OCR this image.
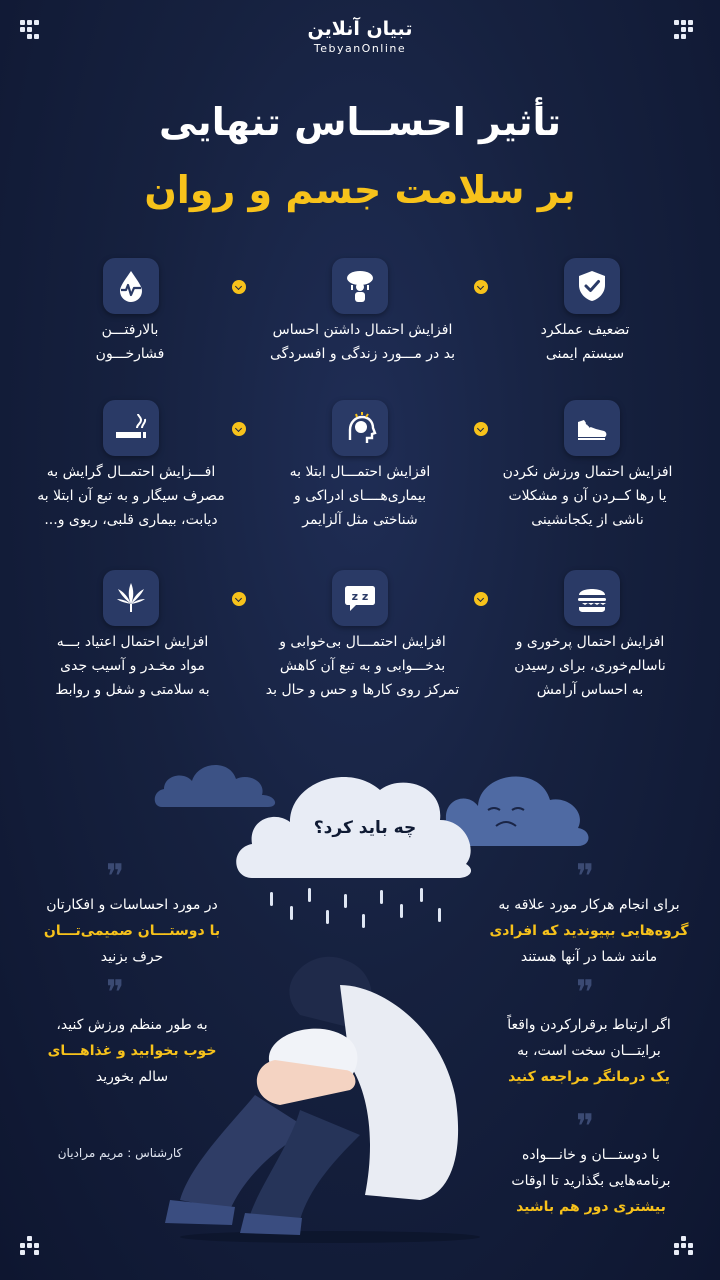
تبیان آنلاین
TebyanOnline
تأثیر احســاس تنهایی
بر سلامت جسم و روان
تضعیف عملکرد
سیستم ایمنی
افزایش احتمال داشتن احساس
بد در مـــورد زندگی و افسردگی
بالارفتـــن
فشارخـــون
افزایش احتمال ورزش نکردن
یا رها کــردن آن و مشکلات
ناشی از یکجانشینی
افزایش احتمـــال ابتلا به
بیماری‌هــــای ادراکی و
شناختی مثل آلزایمر
افـــزایش احتمــال گرایش به
مصرف سیگار و به تبع آن ابتلا به
دیابت، بیماری قلبی، ریوی و...
z z
افزایش احتمال پرخوری و
ناسالم‌خوری، برای رسیدن
به احساس آرامش
افزایش احتمـــال بی‌خوابی و
بدخـــوابی و به تبع آن کاهش
تمرکز روی کارها و حس و حال بد
افزایش احتمال اعتیاد بـــه
مواد مخـدر و آسیب جدی
به سلامتی و شغل و روابط
چه باید کرد؟
❞
❞
❞
❞
❞
برای انجام هرکار مورد علاقه به
گروه‌هایی بپیوندید که افرادی
مانند شما در آنها هستند
در مورد احساسات و افکارتان
با دوستـــان صمیمی‌تـــان
حرف بزنید
اگر ارتباط برقرارکردن واقعاً
برایتـــان سخت است، به
یک درمانگر مراجعه کنید
به طور منظم ورزش کنید،
خوب بخوابید و غذاهـــای
سالم بخورید
با دوستـــان و خانـــواده
برنامه‌هایی بگذارید تا اوقات
بیشتری دور هم باشید
کارشناس : مریم مرادیان
